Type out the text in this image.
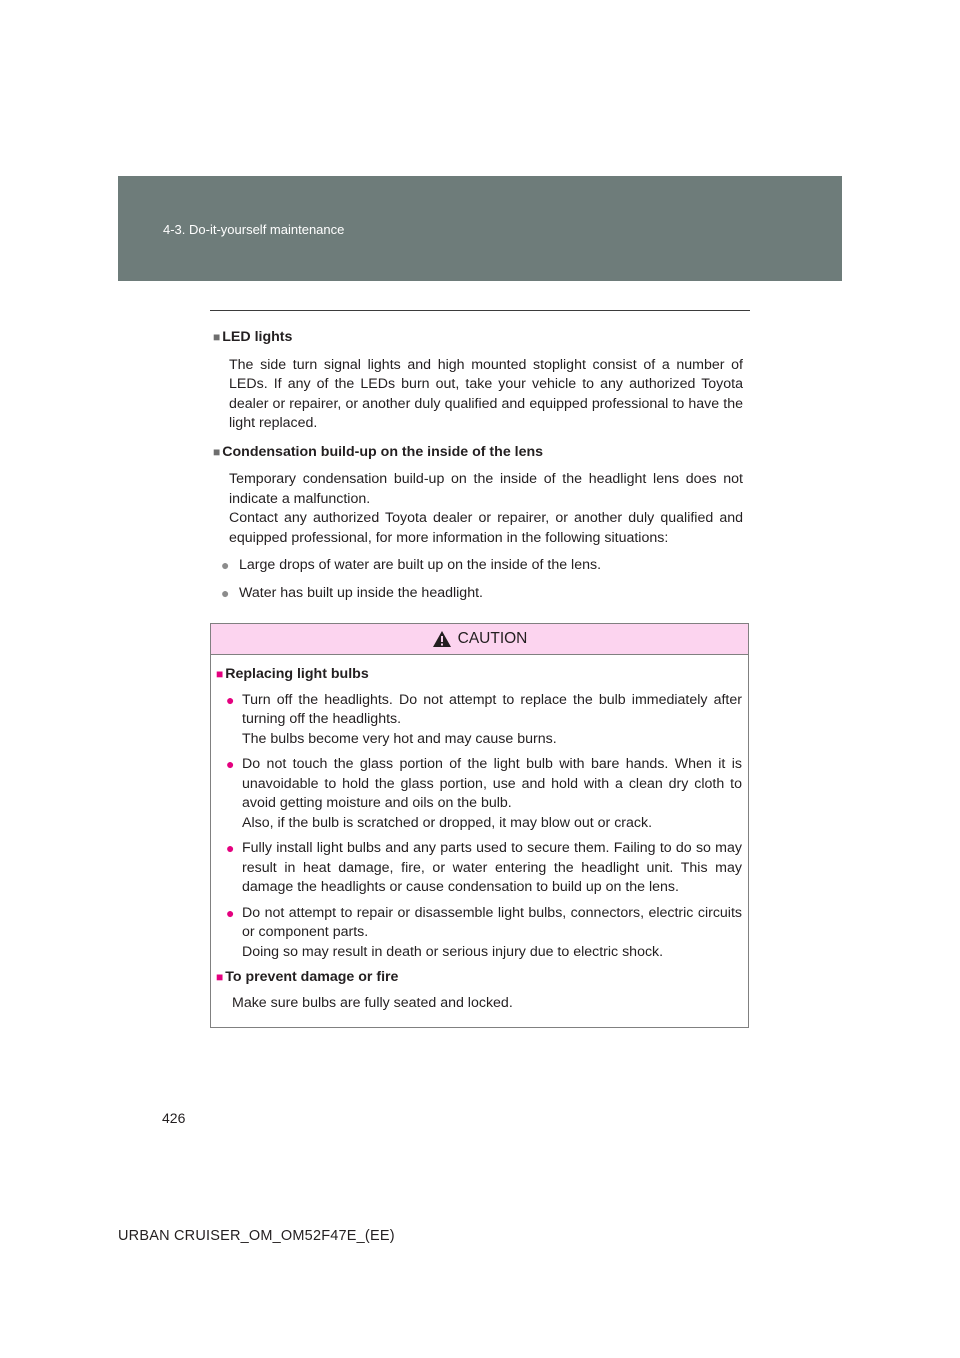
4-3. Do-it-yourself maintenance

■ LED lights

The side turn signal lights and high mounted stoplight consist of a number of LEDs. If any of the LEDs burn out, take your vehicle to any authorized Toyota dealer or repairer, or another duly qualified and equipped professional to have the light replaced.

■ Condensation build-up on the inside of the lens

Temporary condensation build-up on the inside of the headlight lens does not indicate a malfunction.
Contact any authorized Toyota dealer or repairer, or another duly qualified and equipped professional, for more information in the following situations:

● Large drops of water are built up on the inside of the lens.
● Water has built up inside the headlight.
CAUTION

■ Replacing light bulbs

● Turn off the headlights. Do not attempt to replace the bulb immediately after turning off the headlights.
The bulbs become very hot and may cause burns.
● Do not touch the glass portion of the light bulb with bare hands. When it is unavoidable to hold the glass portion, use and hold with a clean dry cloth to avoid getting moisture and oils on the bulb.
Also, if the bulb is scratched or dropped, it may blow out or crack.
● Fully install light bulbs and any parts used to secure them. Failing to do so may result in heat damage, fire, or water entering the headlight unit. This may damage the headlights or cause condensation to build up on the lens.
● Do not attempt to repair or disassemble light bulbs, connectors, electric circuits or component parts.
Doing so may result in death or serious injury due to electric shock.

■ To prevent damage or fire

Make sure bulbs are fully seated and locked.

426
URBAN CRUISER_OM_OM52F47E_(EE)
